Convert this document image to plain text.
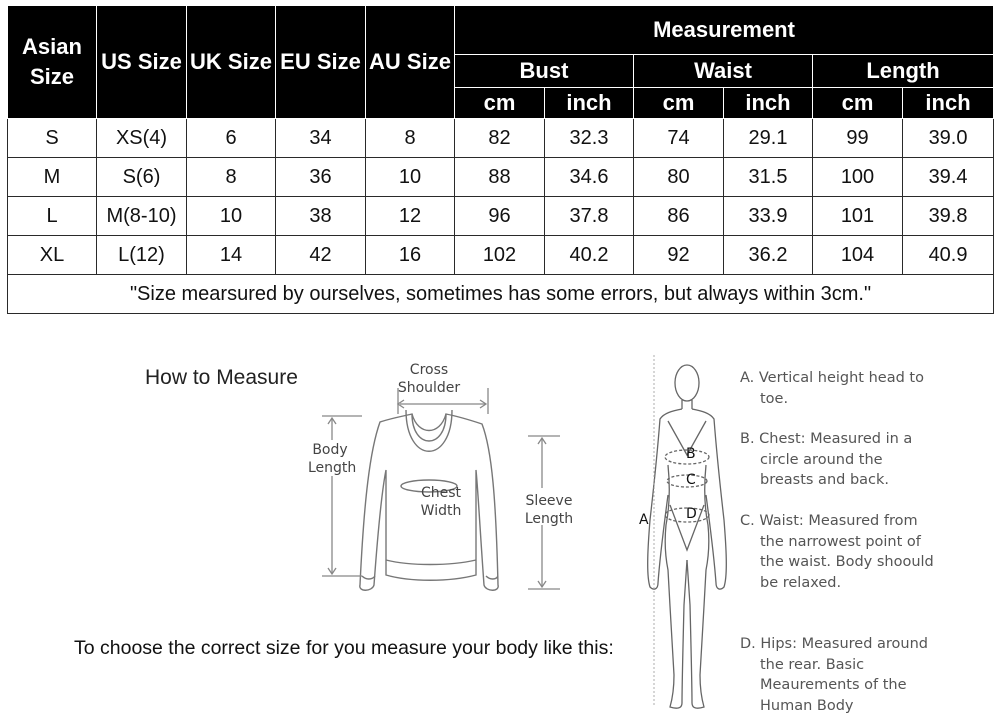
Asian Size	US Size	UK Size	EU Size	AU Size	Measurement					
					Bust		Waist		Length	
					cm	inch	cm	inch	cm	inch
S	XS(4)	6	34	8	82	32.3	74	29.1	99	39.0
M	S(6)	8	36	10	88	34.6	80	31.5	100	39.4
L	M(8-10)	10	38	12	96	37.8	86	33.9	101	39.8
XL	L(12)	14	42	16	102	40.2	92	36.2	104	40.9
"Size mearsured by ourselves, sometimes has some errors, but always within 3cm."										
How to Measure	Cross Shoulder
Body Length
Chest Width
Sleeve Length
To choose the correct size for you measure your body like this:
A
B
C
D
A. Vertical height head to toe.
B. Chest: Measured in a circle around the breasts and back.
C. Waist: Measured from the narrowest point of the waist. Body shoould be relaxed.
D. Hips: Measured around the rear. Basic Meaurements of the Human Body
